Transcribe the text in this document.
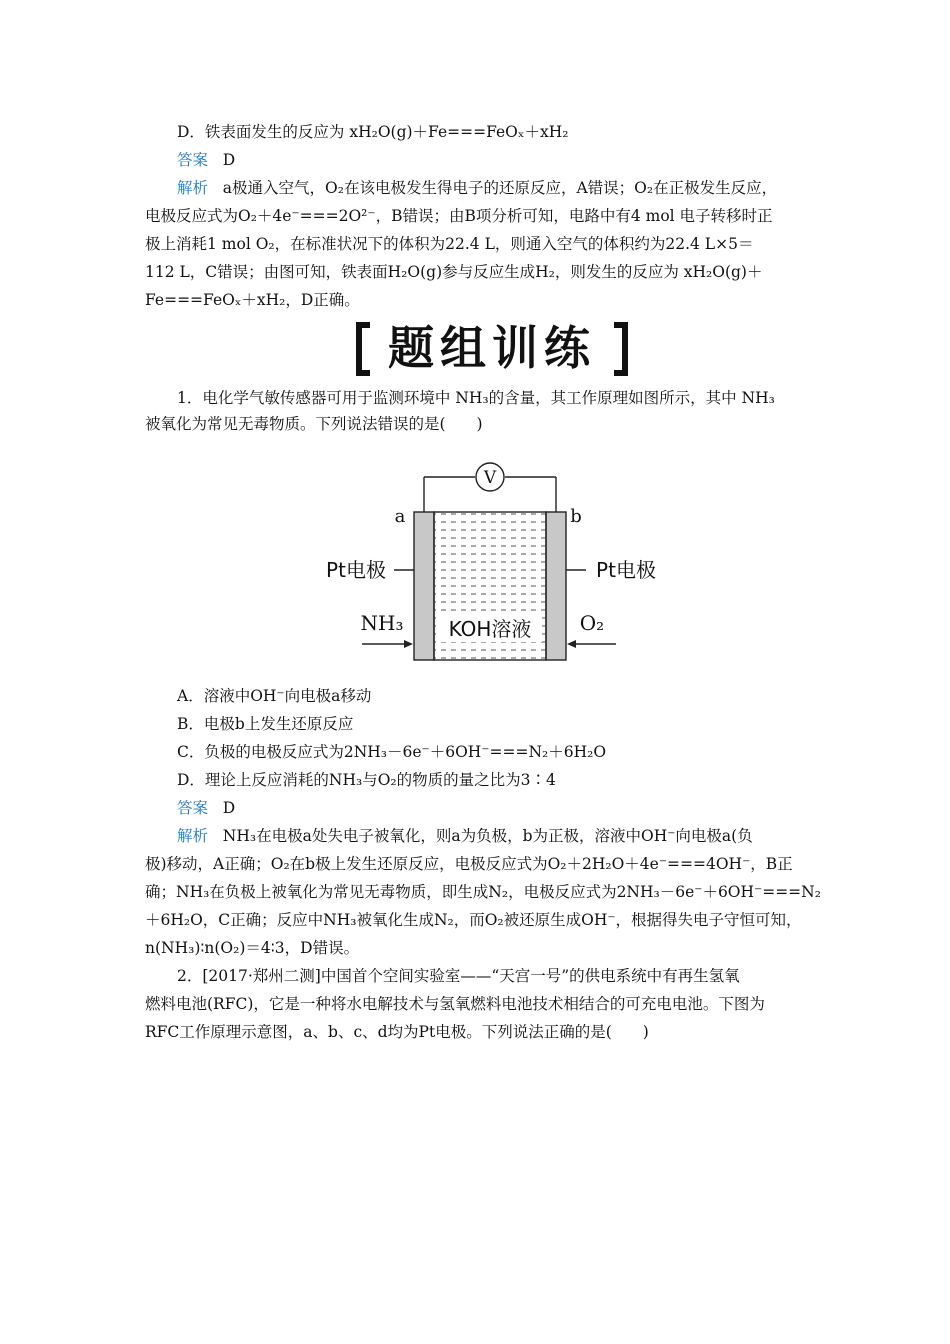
D．铁表面发生的反应为 xH₂O(g)＋Fe===FeOₓ＋xH₂
答案 D
解析 a极通入空气，O₂在该电极发生得电子的还原反应，A错误；O₂在正极发生反应，
电极反应式为O₂＋4e⁻===2O²⁻，B错误；由B项分析可知，电路中有4 mol 电子转移时正
极上消耗1 mol O₂，在标准状况下的体积为22.4 L，则通入空气的体积约为22.4 L×5＝
112 L，C错误；由图可知，铁表面H₂O(g)参与反应生成H₂，则发生的反应为 xH₂O(g)＋
Fe===FeOₓ＋xH₂，D正确。
题组训练
1．电化学气敏传感器可用于监测环境中 NH₃的含量，其工作原理如图所示，其中 NH₃
被氧化为常见无毒物质。下列说法错误的是(　　)
V
a	b
Pt电极	Pt电极
KOH溶液
NH₃	O₂
A．溶液中OH⁻向电极a移动
B．电极b上发生还原反应
C．负极的电极反应式为2NH₃－6e⁻＋6OH⁻===N₂＋6H₂O
D．理论上反应消耗的NH₃与O₂的物质的量之比为3∶4
答案 D
解析 NH₃在电极a处失电子被氧化，则a为负极，b为正极，溶液中OH⁻向电极a(负
极)移动，A正确；O₂在b极上发生还原反应，电极反应式为O₂＋2H₂O＋4e⁻===4OH⁻，B正
确；NH₃在负极上被氧化为常见无毒物质，即生成N₂，电极反应式为2NH₃－6e⁻＋6OH⁻===N₂
＋6H₂O，C正确；反应中NH₃被氧化生成N₂，而O₂被还原生成OH⁻，根据得失电子守恒可知，
n(NH₃)∶n(O₂)＝4∶3，D错误。
2．[2017·郑州二测]中国首个空间实验室——“天宫一号”的供电系统中有再生氢氧
燃料电池(RFC)，它是一种将水电解技术与氢氧燃料电池技术相结合的可充电电池。下图为
RFC工作原理示意图，a、b、c、d均为Pt电极。下列说法正确的是(　　)
